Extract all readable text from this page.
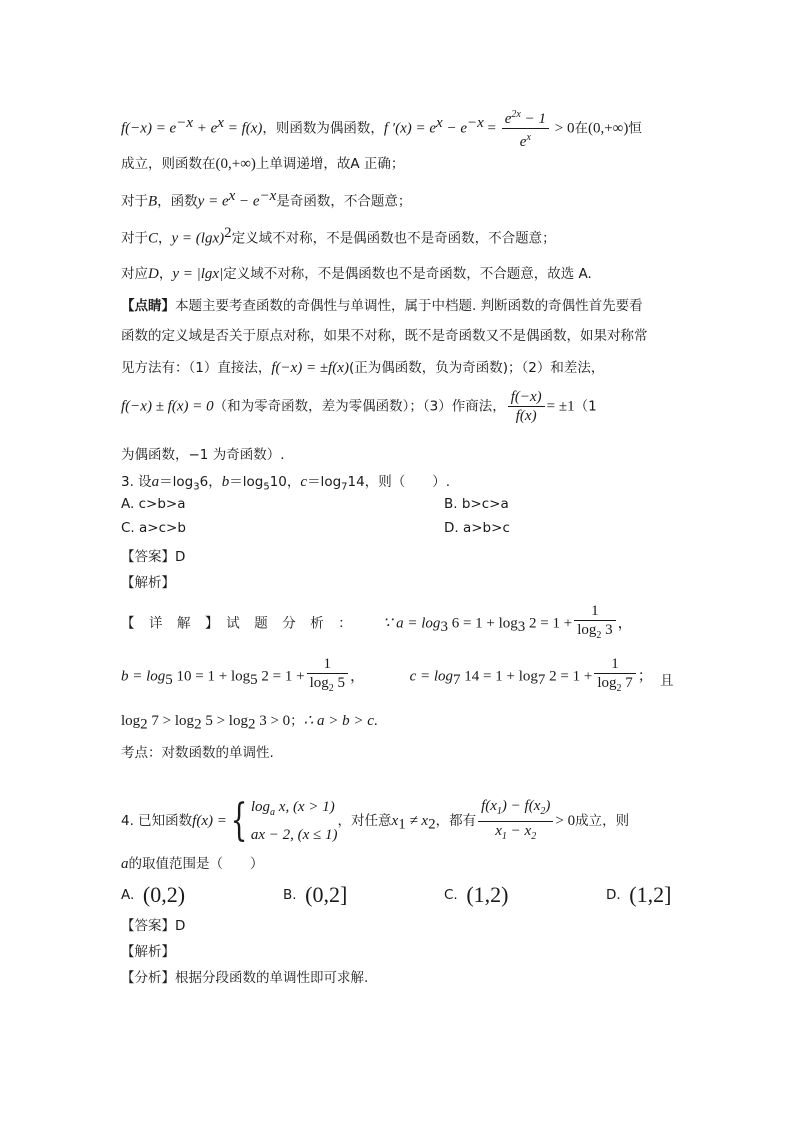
$f(-x) = e^{-x} + e^x = f(x)$，则函数为偶函数，f $'(x) = e^x - e^{-x} = \frac{e^{2x} - 1}{e^x} > 0$在(0,+∞)恒
成立，则函数在(0,+∞)上单调递增，故A 正确；
对于B，函数$y = e^x - e^{-x}$是奇函数，不合题意；
对于C，$y = (\lg x)^2$定义域不对称，不是偶函数也不是奇函数，不合题意；
对应D，y = |lgx|定义域不对称，不是偶函数也不是奇函数，不合题意，故选 A.
【点睛】本题主要考查函数的奇偶性与单调性，属于中档题. 判断函数的奇偶性首先要看
函数的定义域是否关于原点对称，如果不对称，既不是奇函数又不是偶函数，如果对称常
见方法有：（1）直接法，f(−x) = ±f(x)(正为偶函数，负为奇函数)；（2）和差法，
f(−x) ± f(x) = 0（和为零奇函数，差为零偶函数）；（3）作商法， $\frac{f(-x)}{f(x)} = \pm 1(1$
为偶函数，−1 为奇函数）.
3. 设$a=\log_36$，$b=\log_510$，$c=\log_714$，则（　　）.
A. c>b>a	B. b>c>a
C. a>c>b	D. a>b>c
【答案】D
【解析】
【　详　解　】　试　题　分　析　： ∵ $a = \log_3 6 = 1 + \log_3 2 = 1 + \frac{1}{\log_2 3}$ ，
$b = \log_5 10 = 1 + \log_5 2 = 1 + \frac{1}{\log_2 5}$ ，	$c = \log_7 14 = 1 + \log_7 2 = 1 + \frac{1}{\log_2 7}$ ； 且
$\log_2 7 > \log_2 5 > \log_2 3 > 0$；∴ a > b > c.
考点：对数函数的单调性.
4. 已知函数f(x) ={ $\log_a x$, (x > 1)
ax − 2, (x ≤ 1)
，对任意$x_1 \ne x_2$，都有 $\frac{f(x_1) - f(x_2)}{x_1 - x_2} > 0$成立，则
a的取值范围是（　　）
A. (0,2)	B. (0,2]	C. (1,2)	D. (1,2]
【答案】D
【解析】
【分析】根据分段函数的单调性即可求解.
